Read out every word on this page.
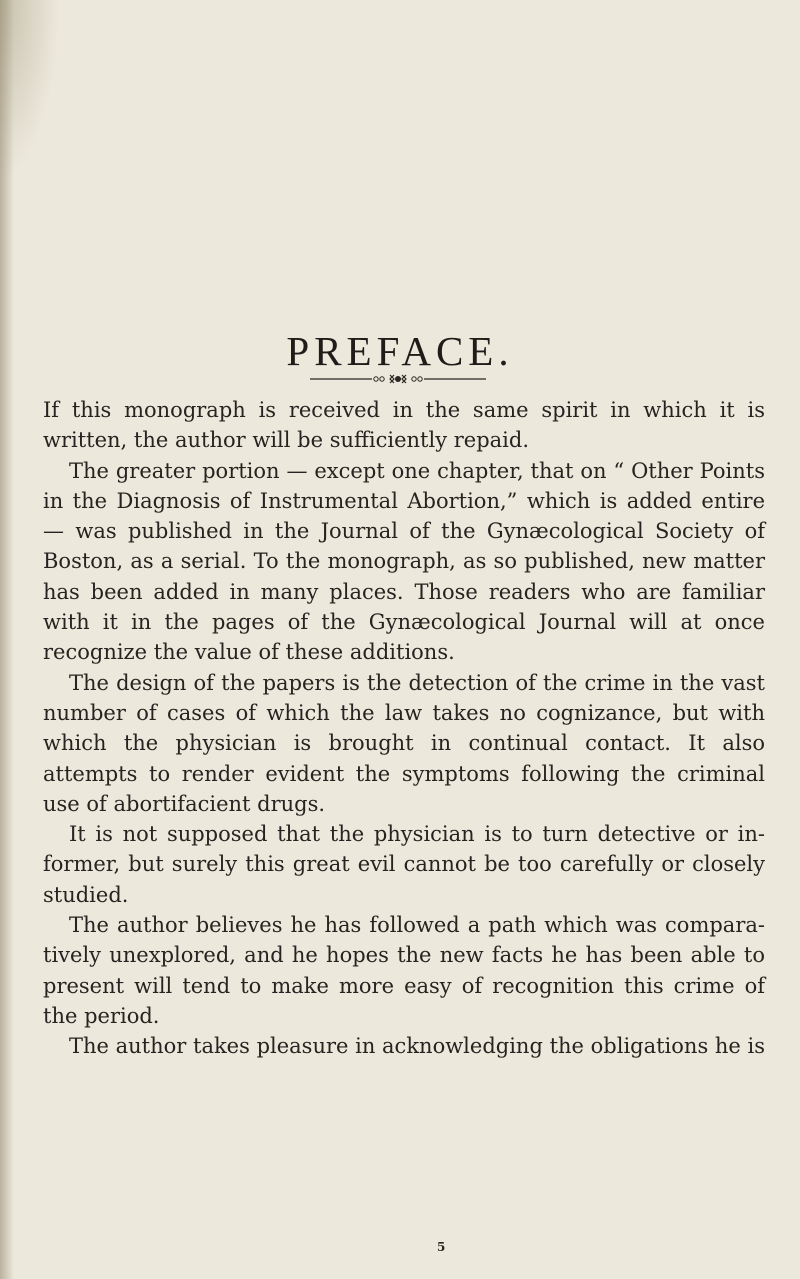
PREFACE.

If this monograph is received in the same spirit in which it is written, the author will be sufficiently repaid.

The greater portion — except one chapter, that on “ Other Points in the Diagnosis of Instrumental Abortion,” which is added entire — was published in the Journal of the Gynæcological Society of Boston, as a serial. To the monograph, as so published, new matter has been added in many places. Those readers who are familiar with it in the pages of the Gynæcological Journal will at once recognize the value of these additions.

The design of the papers is the detection of the crime in the vast number of cases of which the law takes no cognizance, but with which the physician is brought in continual contact. It also attempts to render evident the symptoms following the criminal use of abortifacient drugs.

It is not supposed that the physician is to turn detective or informer, but surely this great evil cannot be too carefully or closely studied.

The author believes he has followed a path which was comparatively unexplored, and he hopes the new facts he has been able to present will tend to make more easy of recognition this crime of the period.

The author takes pleasure in acknowledging the obligations he is

5
